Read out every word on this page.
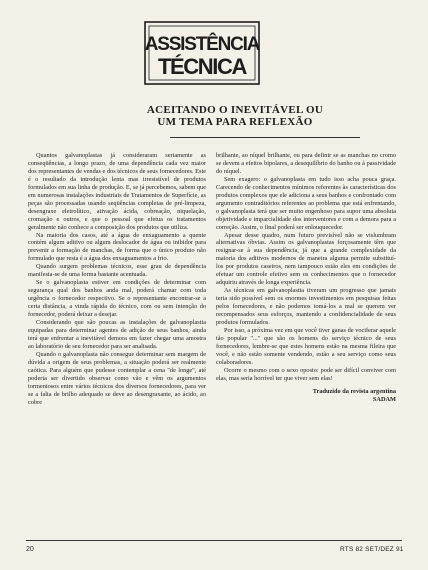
ASSISTÊNCIA
TÉCNICA
ACEITANDO O INEVITÁVEL OU
UM TEMA PARA REFLEXÃO

Quantos galvanoplastas já consideraram seriamente as conseqüências, a longo prazo, de uma dependência cada vez maior dos representantes de vendas e dos técnicos de seus fornecedores. Este é o resultado da introdução lenta mas irresistível de produtos formulados em sua linha de produção. E, se já percebemos, sabem que em numerosas instalações industriais de Tratamentos de Superfície, as peças são processadas usando seqüências completas de pré-limpeza, desengraxe eletrolítico, ativação ácida, cobreação, niquelação, cromação e outros, e que o pessoal que efetua os tratamentos geralmente não conhece a composição dos produtos que utiliza.

Na maioria dos casos, até a água de enxaguamento a quente contém algum aditivo ou algum deslocador de água ou inibidor para prevenir a formação de manchas, de forma que o único produto não formulado que resta é a água dos enxaguamentos a frio.

Quando surgem problemas técnicos, esse grau de dependência manifesta-se de uma forma bastante acentuada.

Se o galvanoplasta estiver em condições de determinar com segurança qual dos banhos anda mal, poderá chamar com toda urgência o fornecedor respectivo. Se o representante encontrar-se a certa distância, a vinda rápida do técnico, com ou sem intenção do fornecedor, poderá deixar a desejar.

Considerando que são poucas as instalações de galvanoplastia equipadas para determinar agentes de adição de seus banhos, ainda terá que enfrentar a inevitável demora em fazer chegar uma amostra ao laboratório de seu fornecedor para ser analisada.

Quando o galvanoplasta não consegue determinar sem margem de dúvida a origem de seus problemas, a situação poderá ser realmente caótica. Para alguém que pudesse contemplar a cena "de longe", até poderia ser divertido observar como vão e vêm os argumentos tormentosos entre vários técnicos dos diversos fornecedores, para ver se a falta de brilho adequado se deve ao desengraxante, ao ácido, ao cobre

brilhante, ao níquel brilhante, ou para definir se as manchas no cromo se devem a efeitos bipolares, a desequilíbrio do banho ou à passividade do níquel.

Sem exagero: o galvanoplasta em tudo isso acha pouca graça. Carecendo de conhecimentos mínimos referentes às características dos produtos complexos que ele adiciona a seus banhos e confrontado com argumento contraditórios referentes ao problema que está enfrentando, o galvanoplasta terá que ser muito engenhoso para supor uma absoluta objetividade e imparcialidade dos interventores e com a demora para a correção. Assim, o final poderá ser enlouquecedor.

Apesar desse quadro, num futuro previsível não se vislumbram alternativas óbvias. Assim os galvanoplastas forçosamente têm que resignar-se à sua dependência, já que a grande complexidade da maioria dos aditivos modernos de maneira alguma permite substituí-los por produtos caseiros, nem tampouco estão eles em condições de efetuar um controle efetivo sem os conhecimentos que o fornecedor adquiriu através de longa experiência.

As técnicas em galvanoplastia tiveram um progresso que jamais teria sido possível sem os enormes investimentos em pesquisas feitas pelos fornecedores, e não podemos tomá-los a mal se querem ver recompensados seus esforços, mantendo a confidencialidade de seus produtos formulados.

Por isso, a próxima vez em que você tiver ganas de vociferar aquele tão popular "..." que são os homens do serviço técnico de seus fornecedores, lembre-se que estes homens estão na mesma fileira que você, e não estão somente vendendo, estão a seu serviço como seus colaboradores.

Ocorre o mesmo com o sexo oposto: pode ser difícil conviver com elas, mas seria horrível ter que viver sem elas!

Traduzido da revista argentina
SADAM
20	RTS 82 SET/DEZ 91
